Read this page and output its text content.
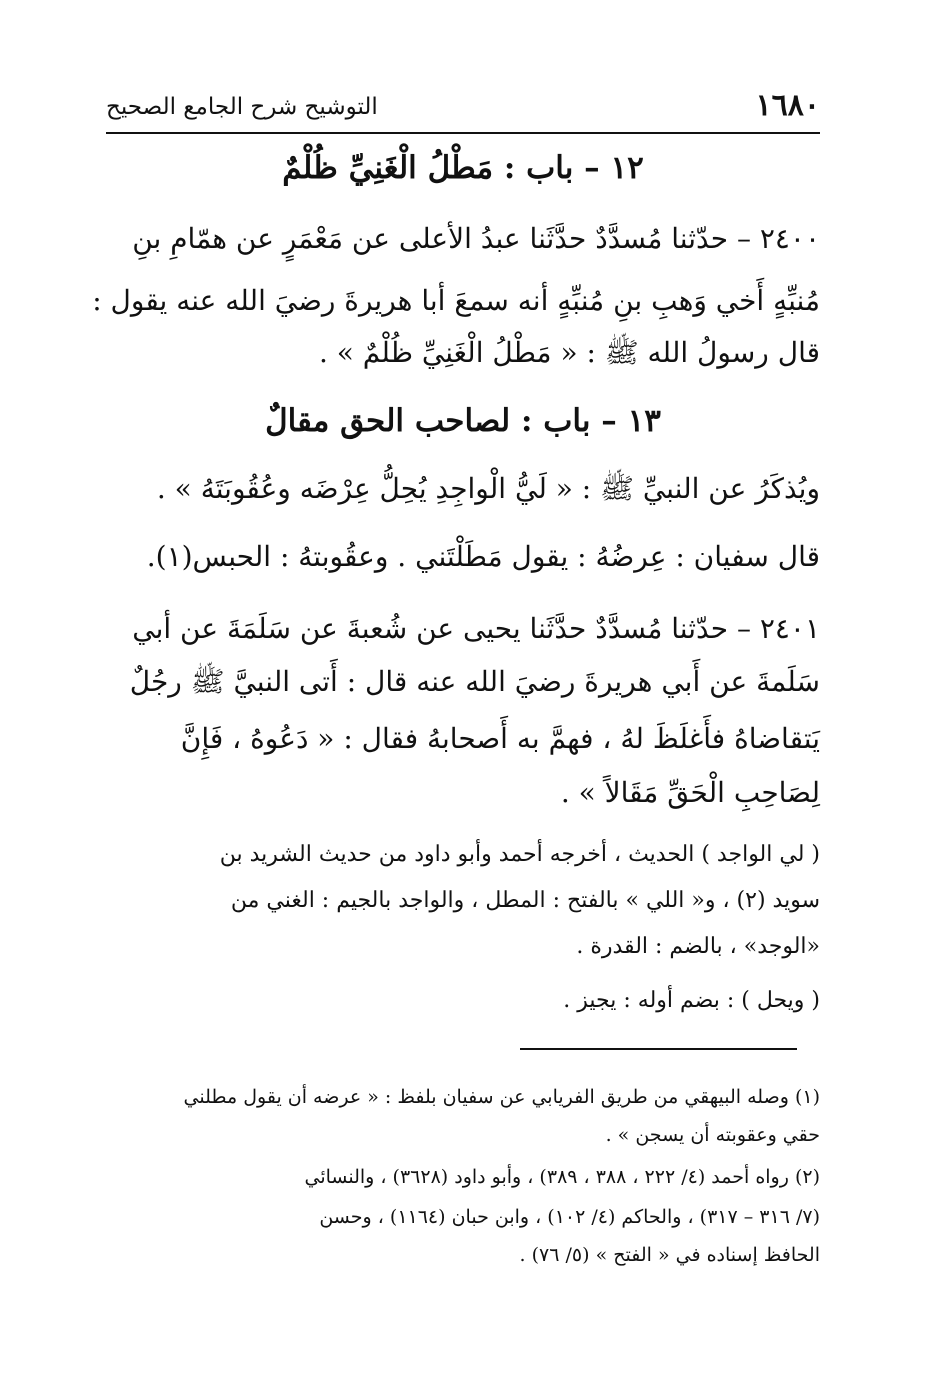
١٦٨٠
التوشيح شرح الجامع الصحيح
١٢ – باب : مَطْلُ الْغَنِيِّ ظُلْمٌ
٢٤٠٠ – حدّثنا مُسدَّدٌ حدَّثَنا عبدُ الأعلى عن مَعْمَرٍ عن همّامِ بنِ
مُنبِّهٍ أَخي وَهبِ بنِ مُنبِّهٍ أنه سمعَ أبا هريرةَ رضيَ الله عنه يقول :
قال رسولُ الله ﷺ : « مَطْلُ الْغَنِيِّ ظُلْمٌ » .
١٣ – باب : لصاحب الحق مقالٌ
ويُذكَرُ عن النبيِّ ﷺ : « لَيُّ الْواجِدِ يُحِلُّ عِرْضَه وعُقُوبَتَهُ » .
قال سفيان : عِرضُهُ : يقول مَطَلْتَني . وعقُوبتهُ : الحبس(١).
٢٤٠١ – حدّثنا مُسدَّدٌ حدَّثَنا يحيى عن شُعبةَ عن سَلَمَةَ عن أبي
سَلَمةَ عن أَبي هريرةَ رضيَ الله عنه قال : أَتى النبيَّ ﷺ رجُلٌ
يَتقاضاهُ فأَغلَظَ لهُ ، فهمَّ به أَصحابهُ فقال : « دَعُوهُ ، فَإِنَّ
لِصَاحِبِ الْحَقِّ مَقَالاً » .
( لي الواجد ) الحديث ، أخرجه أحمد وأبو داود من حديث الشريد بن
سويد (٢) ، و« اللي » بالفتح : المطل ، والواجد بالجيم : الغني من
«الوجد» ، بالضم : القدرة .
( ويحل ) : بضم أوله : يجيز .
(١) وصله البيهقي من طريق الفريابي عن سفيان بلفظ : « عرضه أن يقول مطلني
حقي وعقوبته أن يسجن » .
(٢) رواه أحمد (٤/ ٢٢٢ ، ٣٨٨ ، ٣٨٩) ، وأبو داود (٣٦٢٨) ، والنسائي
(٧/ ٣١٦ – ٣١٧) ، والحاكم (٤/ ١٠٢) ، وابن حبان (١١٦٤) ، وحسن
الحافظ إسناده في « الفتح » (٥/ ٧٦) .
